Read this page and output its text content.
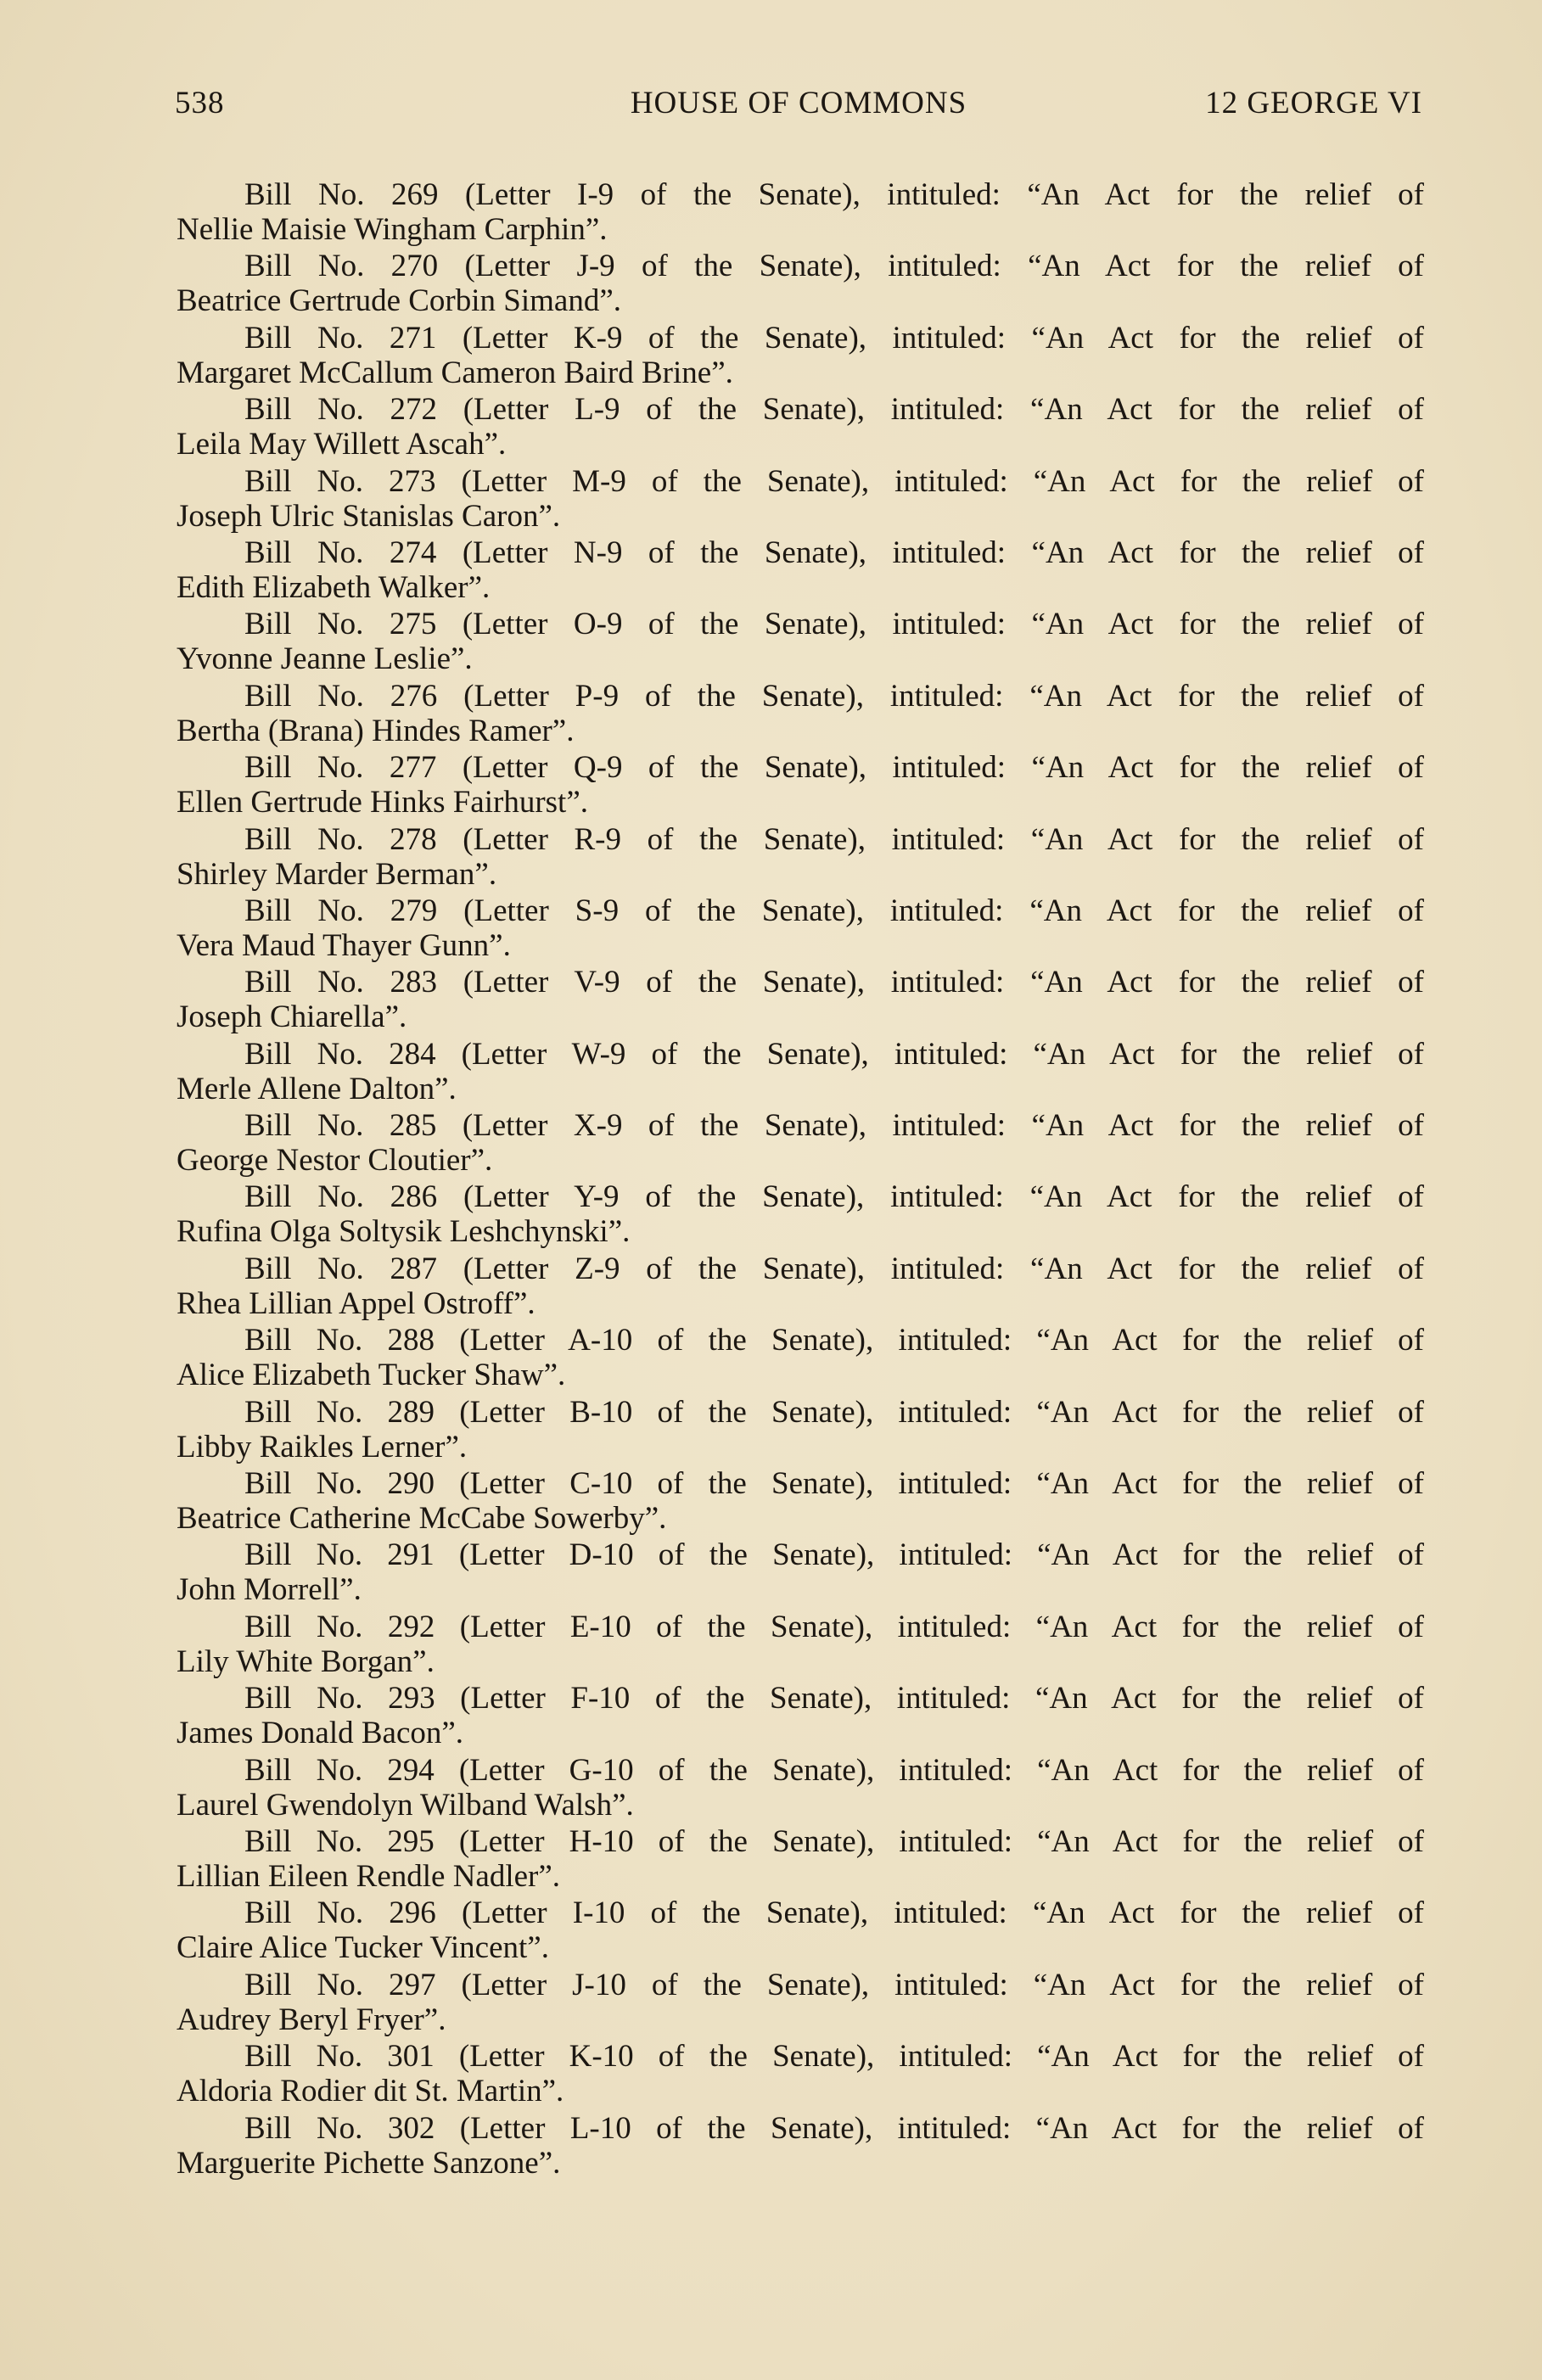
538	HOUSE OF COMMONS	12 GEORGE VI
Bill No. 269 (Letter I-9 of the Senate), intituled: “An Act for the relief of
Nellie Maisie Wingham Carphin”.
Bill No. 270 (Letter J-9 of the Senate), intituled: “An Act for the relief of
Beatrice Gertrude Corbin Simand”.
Bill No. 271 (Letter K-9 of the Senate), intituled: “An Act for the relief of
Margaret McCallum Cameron Baird Brine”.
Bill No. 272 (Letter L-9 of the Senate), intituled: “An Act for the relief of
Leila May Willett Ascah”.
Bill No. 273 (Letter M-9 of the Senate), intituled: “An Act for the relief of
Joseph Ulric Stanislas Caron”.
Bill No. 274 (Letter N-9 of the Senate), intituled: “An Act for the relief of
Edith Elizabeth Walker”.
Bill No. 275 (Letter O-9 of the Senate), intituled: “An Act for the relief of
Yvonne Jeanne Leslie”.
Bill No. 276 (Letter P-9 of the Senate), intituled: “An Act for the relief of
Bertha (Brana) Hindes Ramer”.
Bill No. 277 (Letter Q-9 of the Senate), intituled: “An Act for the relief of
Ellen Gertrude Hinks Fairhurst”.
Bill No. 278 (Letter R-9 of the Senate), intituled: “An Act for the relief of
Shirley Marder Berman”.
Bill No. 279 (Letter S-9 of the Senate), intituled: “An Act for the relief of
Vera Maud Thayer Gunn”.
Bill No. 283 (Letter V-9 of the Senate), intituled: “An Act for the relief of
Joseph Chiarella”.
Bill No. 284 (Letter W-9 of the Senate), intituled: “An Act for the relief of
Merle Allene Dalton”.
Bill No. 285 (Letter X-9 of the Senate), intituled: “An Act for the relief of
George Nestor Cloutier”.
Bill No. 286 (Letter Y-9 of the Senate), intituled: “An Act for the relief of
Rufina Olga Soltysik Leshchynski”.
Bill No. 287 (Letter Z-9 of the Senate), intituled: “An Act for the relief of
Rhea Lillian Appel Ostroff”.
Bill No. 288 (Letter A-10 of the Senate), intituled: “An Act for the relief of
Alice Elizabeth Tucker Shaw”.
Bill No. 289 (Letter B-10 of the Senate), intituled: “An Act for the relief of
Libby Raikles Lerner”.
Bill No. 290 (Letter C-10 of the Senate), intituled: “An Act for the relief of
Beatrice Catherine McCabe Sowerby”.
Bill No. 291 (Letter D-10 of the Senate), intituled: “An Act for the relief of
John Morrell”.
Bill No. 292 (Letter E-10 of the Senate), intituled: “An Act for the relief of
Lily White Borgan”.
Bill No. 293 (Letter F-10 of the Senate), intituled: “An Act for the relief of
James Donald Bacon”.
Bill No. 294 (Letter G-10 of the Senate), intituled: “An Act for the relief of
Laurel Gwendolyn Wilband Walsh”.
Bill No. 295 (Letter H-10 of the Senate), intituled: “An Act for the relief of
Lillian Eileen Rendle Nadler”.
Bill No. 296 (Letter I-10 of the Senate), intituled: “An Act for the relief of
Claire Alice Tucker Vincent”.
Bill No. 297 (Letter J-10 of the Senate), intituled: “An Act for the relief of
Audrey Beryl Fryer”.
Bill No. 301 (Letter K-10 of the Senate), intituled: “An Act for the relief of
Aldoria Rodier dit St. Martin”.
Bill No. 302 (Letter L-10 of the Senate), intituled: “An Act for the relief of
Marguerite Pichette Sanzone”.
